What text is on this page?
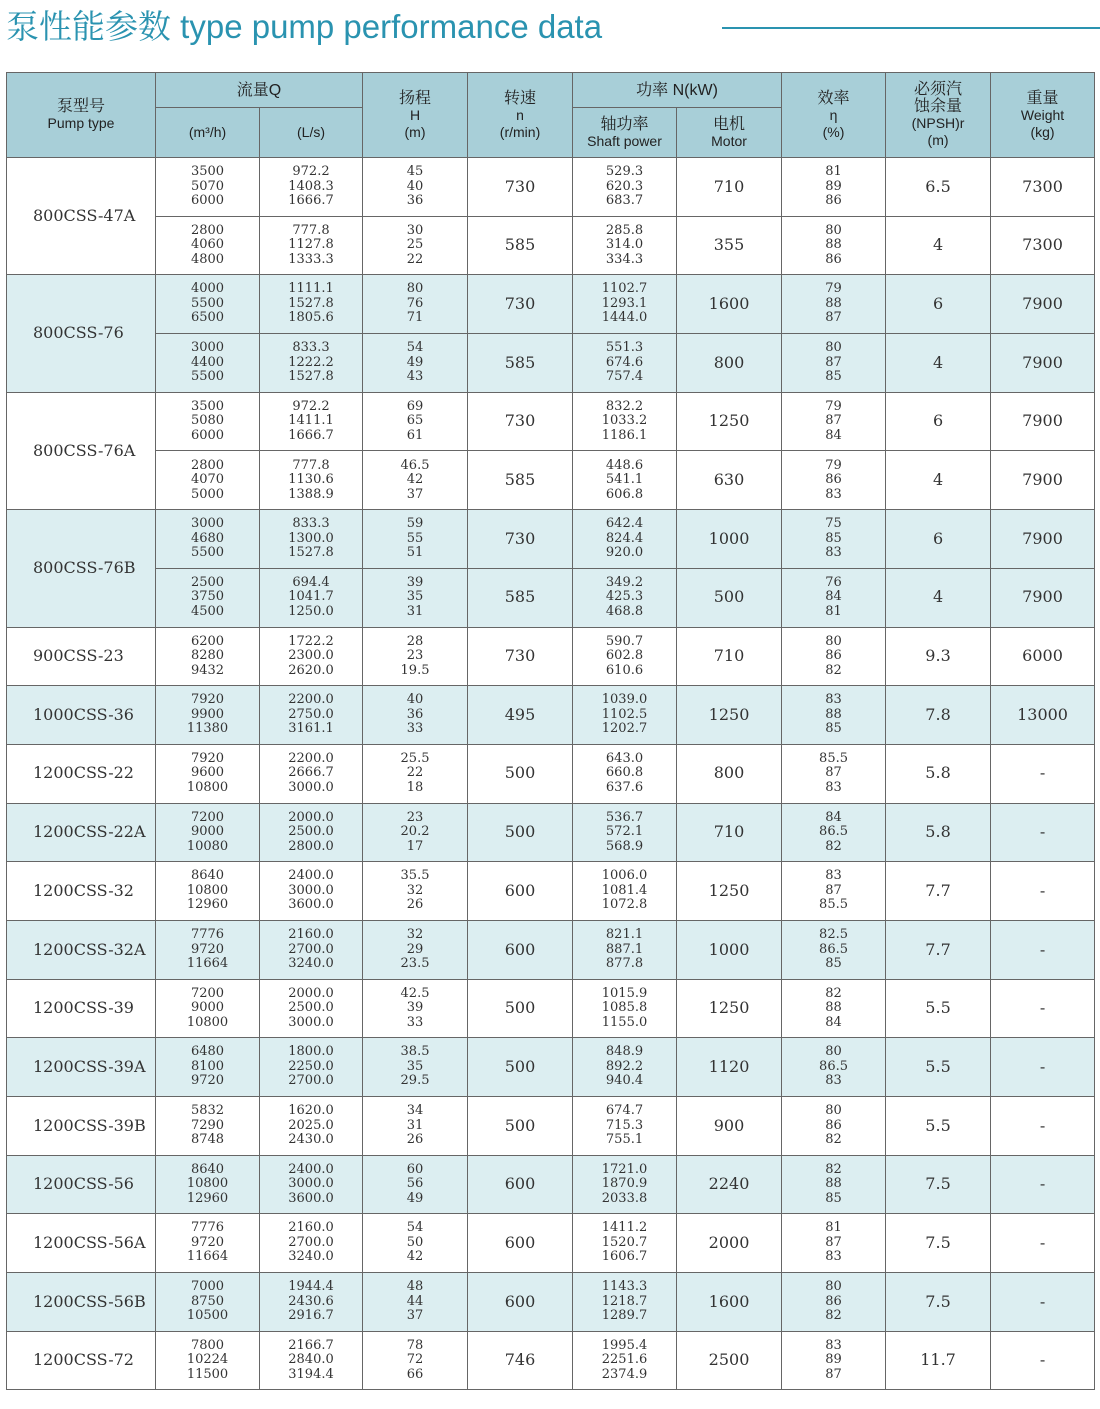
泵性能参数 type pump performance data
泵型号
Pump type	流量Q		扬程
H
(m)	转速
n
(r/min)	功率 N(kW)		效率
η
(%)	必须汽
蚀余量
(NPSH)r
(m)	重量
Weight
(kg)
	(m³/h)	(L/s)			轴功率
Shaft power	电机
Motor			
800CSS-47A	3500
5070
6000	972.2
1408.3
1666.7	45
40
36	730	529.3
620.3
683.7	710	81
89
86	6.5	7300
	2800
4060
4800	777.8
1127.8
1333.3	30
25
22	585	285.8
314.0
334.3	355	80
88
86	4	7300
800CSS-76	4000
5500
6500	1111.1
1527.8
1805.6	80
76
71	730	1102.7
1293.1
1444.0	1600	79
88
87	6	7900
	3000
4400
5500	833.3
1222.2
1527.8	54
49
43	585	551.3
674.6
757.4	800	80
87
85	4	7900
800CSS-76A	3500
5080
6000	972.2
1411.1
1666.7	69
65
61	730	832.2
1033.2
1186.1	1250	79
87
84	6	7900
	2800
4070
5000	777.8
1130.6
1388.9	46.5
42
37	585	448.6
541.1
606.8	630	79
86
83	4	7900
800CSS-76B	3000
4680
5500	833.3
1300.0
1527.8	59
55
51	730	642.4
824.4
920.0	1000	75
85
83	6	7900
	2500
3750
4500	694.4
1041.7
1250.0	39
35
31	585	349.2
425.3
468.8	500	76
84
81	4	7900
900CSS-23	6200
8280
9432	1722.2
2300.0
2620.0	28
23
19.5	730	590.7
602.8
610.6	710	80
86
82	9.3	6000
1000CSS-36	7920
9900
11380	2200.0
2750.0
3161.1	40
36
33	495	1039.0
1102.5
1202.7	1250	83
88
85	7.8	13000
1200CSS-22	7920
9600
10800	2200.0
2666.7
3000.0	25.5
22
18	500	643.0
660.8
637.6	800	85.5
87
83	5.8	-
1200CSS-22A	7200
9000
10080	2000.0
2500.0
2800.0	23
20.2
17	500	536.7
572.1
568.9	710	84
86.5
82	5.8	-
1200CSS-32	8640
10800
12960	2400.0
3000.0
3600.0	35.5
32
26	600	1006.0
1081.4
1072.8	1250	83
87
85.5	7.7	-
1200CSS-32A	7776
9720
11664	2160.0
2700.0
3240.0	32
29
23.5	600	821.1
887.1
877.8	1000	82.5
86.5
85	7.7	-
1200CSS-39	7200
9000
10800	2000.0
2500.0
3000.0	42.5
39
33	500	1015.9
1085.8
1155.0	1250	82
88
84	5.5	-
1200CSS-39A	6480
8100
9720	1800.0
2250.0
2700.0	38.5
35
29.5	500	848.9
892.2
940.4	1120	80
86.5
83	5.5	-
1200CSS-39B	5832
7290
8748	1620.0
2025.0
2430.0	34
31
26	500	674.7
715.3
755.1	900	80
86
82	5.5	-
1200CSS-56	8640
10800
12960	2400.0
3000.0
3600.0	60
56
49	600	1721.0
1870.9
2033.8	2240	82
88
85	7.5	-
1200CSS-56A	7776
9720
11664	2160.0
2700.0
3240.0	54
50
42	600	1411.2
1520.7
1606.7	2000	81
87
83	7.5	-
1200CSS-56B	7000
8750
10500	1944.4
2430.6
2916.7	48
44
37	600	1143.3
1218.7
1289.7	1600	80
86
82	7.5	-
1200CSS-72	7800
10224
11500	2166.7
2840.0
3194.4	78
72
66	746	1995.4
2251.6
2374.9	2500	83
89
87	11.7	-
